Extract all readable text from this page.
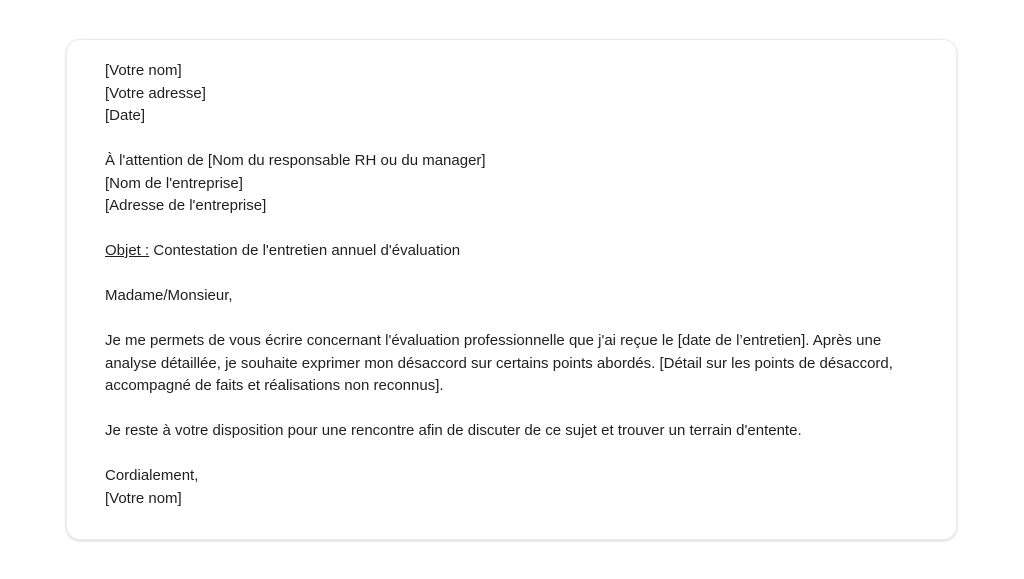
[Votre nom]
[Votre adresse]
[Date]
À l'attention de [Nom du responsable RH ou du manager]
[Nom de l'entreprise]
[Adresse de l'entreprise]
Objet : Contestation de l'entretien annuel d'évaluation
Madame/Monsieur,
Je me permets de vous écrire concernant l'évaluation professionnelle que j'ai reçue le [date de l’entretien]. Après une analyse détaillée, je souhaite exprimer mon désaccord sur certains points abordés. [Détail sur les points de désaccord, accompagné de faits et réalisations non reconnus].
Je reste à votre disposition pour une rencontre afin de discuter de ce sujet et trouver un terrain d'entente.
Cordialement,
[Votre nom]
